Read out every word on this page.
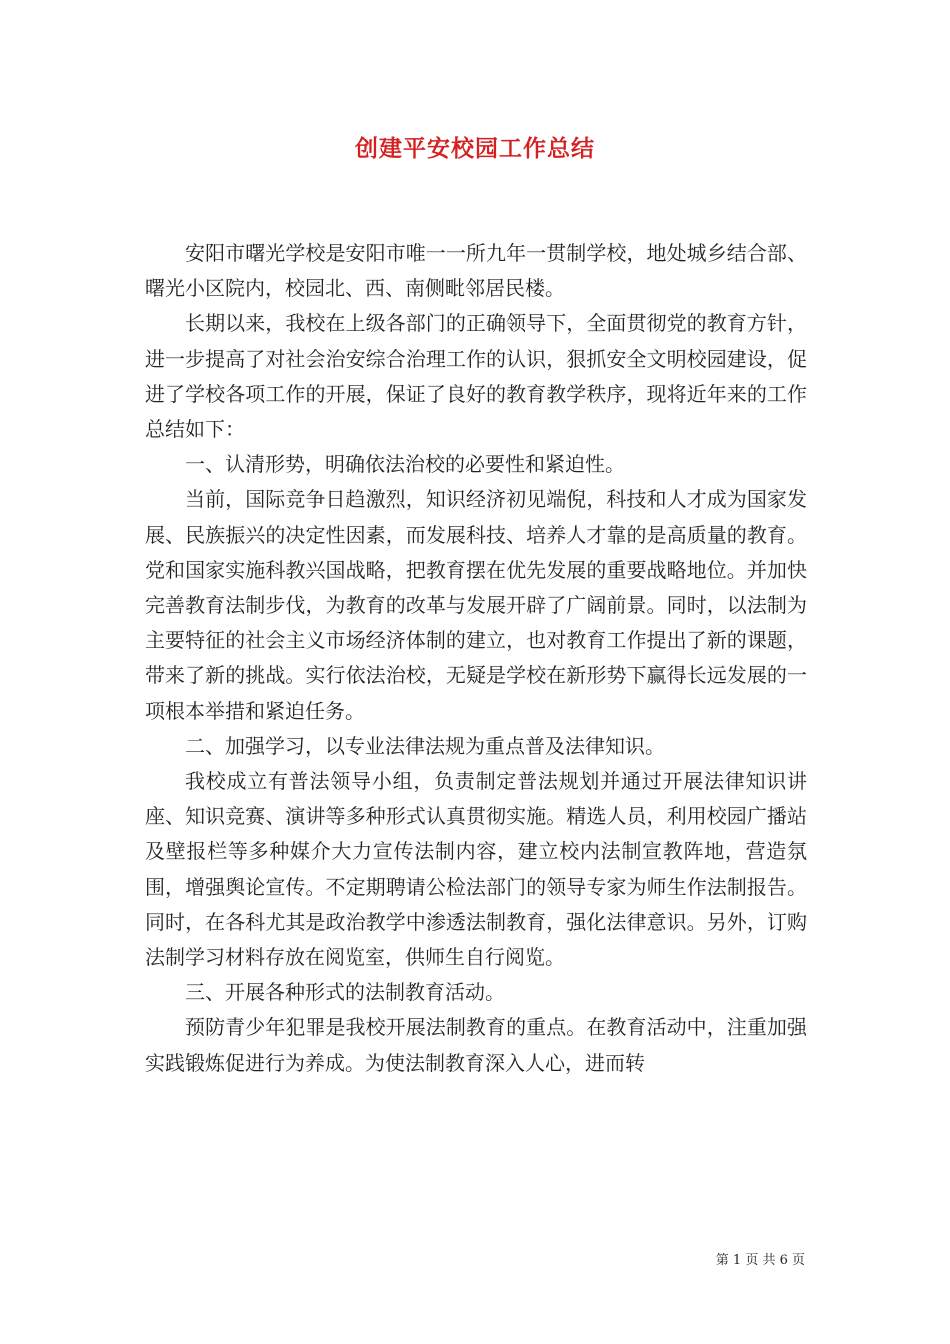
创建平安校园工作总结

安阳市曙光学校是安阳市唯一一所九年一贯制学校，地处城乡结合部、曙光小区院内，校园北、西、南侧毗邻居民楼。

长期以来，我校在上级各部门的正确领导下，全面贯彻党的教育方针，进一步提高了对社会治安综合治理工作的认识，狠抓安全文明校园建设，促进了学校各项工作的开展，保证了良好的教育教学秩序，现将近年来的工作总结如下：

一、认清形势，明确依法治校的必要性和紧迫性。

当前，国际竞争日趋激烈，知识经济初见端倪，科技和人才成为国家发展、民族振兴的决定性因素，而发展科技、培养人才靠的是高质量的教育。党和国家实施科教兴国战略，把教育摆在优先发展的重要战略地位。并加快完善教育法制步伐，为教育的改革与发展开辟了广阔前景。同时，以法制为主要特征的社会主义市场经济体制的建立，也对教育工作提出了新的课题，带来了新的挑战。实行依法治校，无疑是学校在新形势下赢得长远发展的一项根本举措和紧迫任务。

二、加强学习，以专业法律法规为重点普及法律知识。

我校成立有普法领导小组，负责制定普法规划并通过开展法律知识讲座、知识竞赛、演讲等多种形式认真贯彻实施。精选人员，利用校园广播站及壁报栏等多种媒介大力宣传法制内容，建立校内法制宣教阵地，营造氛围，增强舆论宣传。不定期聘请公检法部门的领导专家为师生作法制报告。同时，在各科尤其是政治教学中渗透法制教育，强化法律意识。另外，订购法制学习材料存放在阅览室，供师生自行阅览。

三、开展各种形式的法制教育活动。

预防青少年犯罪是我校开展法制教育的重点。在教育活动中，注重加强实践锻炼促进行为养成。为使法制教育深入人心，进而转

第 1 页 共 6 页
